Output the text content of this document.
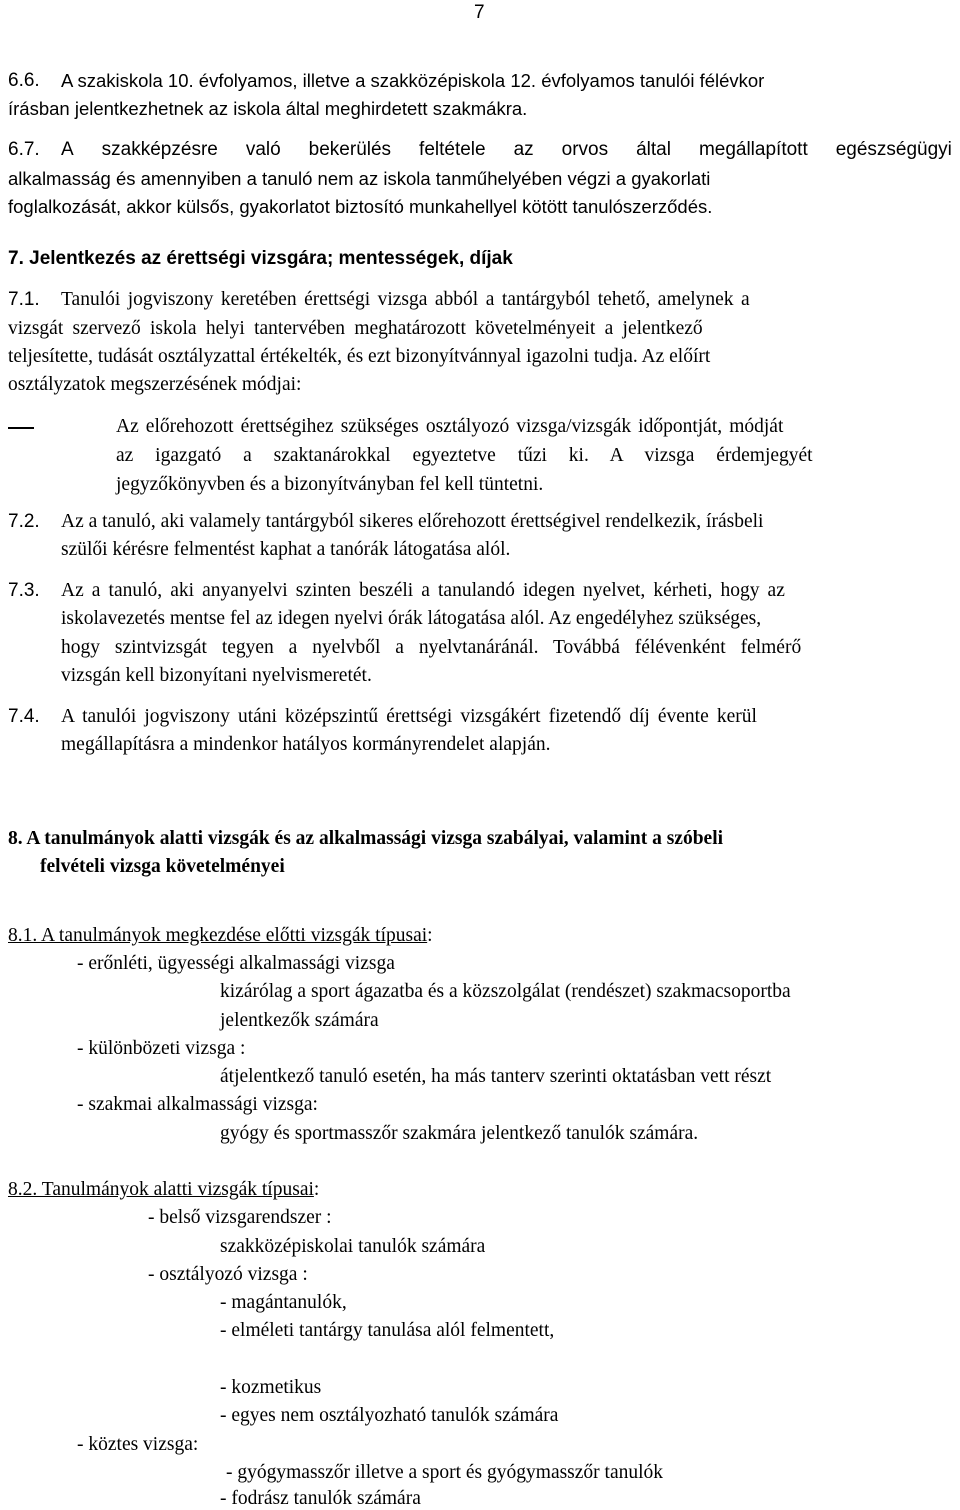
7
6.6. A szakiskola 10. évfolyamos, illetve a szakközépiskola 12. évfolyamos tanulói félévkor
írásban jelentkezhetnek az iskola által meghirdetett szakmákra.
6.7. A szakképzésre való bekerülés feltétele az orvos által megállapított egészségügyi
alkalmasság és amennyiben a tanuló nem az iskola tanműhelyében végzi a gyakorlati
foglalkozását, akkor külsős, gyakorlatot biztosító munkahellyel kötött tanulószerződés.
7. Jelentkezés az érettségi vizsgára; mentességek, díjak
7.1. Tanulói jogviszony keretében érettségi vizsga abból a tantárgyból tehető, amelynek a
vizsgát szervező iskola helyi tantervében meghatározott követelményeit a jelentkező
teljesítette, tudását osztályzattal értékelték, és ezt bizonyítvánnyal igazolni tudja. Az előírt
osztályzatok megszerzésének módjai:
Az előrehozott érettségihez szükséges osztályozó vizsga/vizsgák időpontját, módját
az igazgató a szaktanárokkal egyeztetve tűzi ki. A vizsga érdemjegyét
jegyzőkönyvben és a bizonyítványban fel kell tüntetni.
7.2. Az a tanuló, aki valamely tantárgyból sikeres előrehozott érettségivel rendelkezik, írásbeli
szülői kérésre felmentést kaphat a tanórák látogatása alól.
7.3. Az a tanuló, aki anyanyelvi szinten beszéli a tanulandó idegen nyelvet, kérheti, hogy az
iskolavezetés mentse fel az idegen nyelvi órák látogatása alól. Az engedélyhez szükséges,
hogy szintvizsgát tegyen a nyelvből a nyelvtanáránál. Továbbá félévenként felmérő
vizsgán kell bizonyítani nyelvismeretét.
7.4. A tanulói jogviszony utáni középszintű érettségi vizsgákért fizetendő díj évente kerül
megállapításra a mindenkor hatályos kormányrendelet alapján.
8. A tanulmányok alatti vizsgák és az alkalmassági vizsga szabályai, valamint a szóbeli
felvételi vizsga követelményei
8.1. A tanulmányok megkezdése előtti vizsgák típusai:
- erőnléti, ügyességi alkalmassági vizsga
kizárólag a sport ágazatba és a közszolgálat (rendészet) szakmacsoportba
jelentkezők számára
- különbözeti vizsga :
átjelentkező tanuló esetén, ha más tanterv szerinti oktatásban vett részt
- szakmai alkalmassági vizsga:
gyógy és sportmasszőr szakmára jelentkező tanulók számára.
8.2. Tanulmányok alatti vizsgák típusai:
- belső vizsgarendszer :
szakközépiskolai tanulók számára
- osztályozó vizsga :
- magántanulók,
- elméleti tantárgy tanulása alól felmentett,
- kozmetikus
- egyes nem osztályozható tanulók számára
- köztes vizsga:
- gyógymasszőr illetve a sport és gyógymasszőr tanulók
- fodrász tanulók számára
